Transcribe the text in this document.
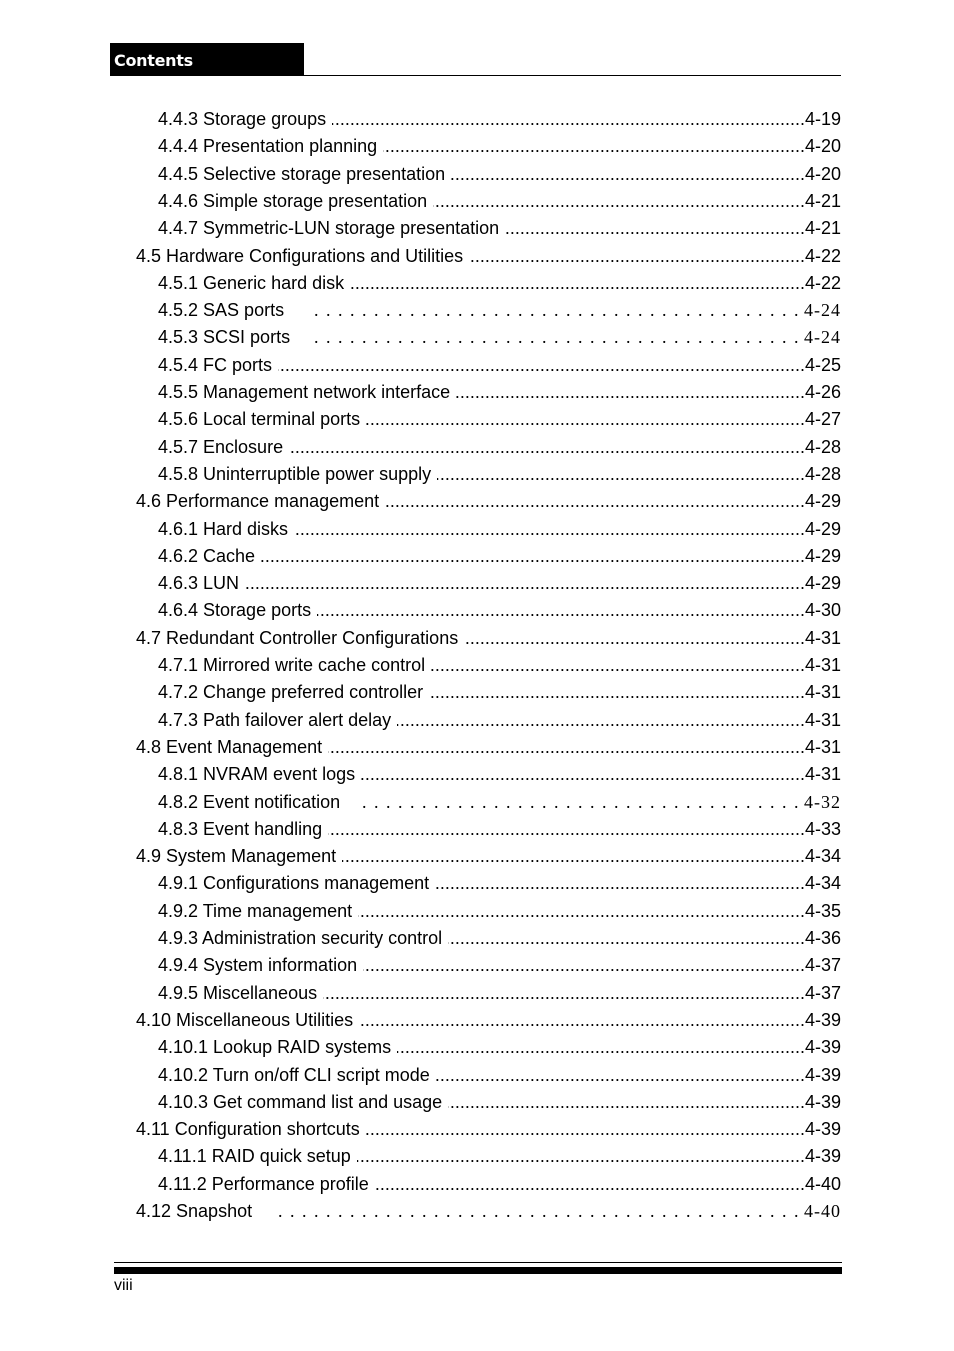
Contents
4.4.3 Storage groups .....	4-19
4.4.4 Presentation planning .....	4-20
4.4.5 Selective storage presentation .....	4-20
4.4.6 Simple storage presentation .....	4-21
4.4.7 Symmetric-LUN storage presentation .....	4-21
4.5 Hardware Configurations and Utilities .....	4-22
4.5.1 Generic hard disk .....	4-22
4.5.2 SAS ports . . .	4-24
4.5.3 SCSI ports . . .	4-24
4.5.4 FC ports .....	4-25
4.5.5 Management network interface .....	4-26
4.5.6 Local terminal ports .....	4-27
4.5.7 Enclosure .....	4-28
4.5.8 Uninterruptible power supply .....	4-28
4.6 Performance management .....	4-29
4.6.1 Hard disks .....	4-29
4.6.2 Cache .....	4-29
4.6.3 LUN .....	4-29
4.6.4 Storage ports .....	4-30
4.7 Redundant Controller Configurations .....	4-31
4.7.1 Mirrored write cache control .....	4-31
4.7.2 Change preferred controller .....	4-31
4.7.3 Path failover alert delay .....	4-31
4.8 Event Management .....	4-31
4.8.1 NVRAM event logs .....	4-31
4.8.2 Event notification . . .	4-32
4.8.3 Event handling .....	4-33
4.9 System Management .....	4-34
4.9.1 Configurations management .....	4-34
4.9.2 Time management .....	4-35
4.9.3 Administration security control .....	4-36
4.9.4 System information .....	4-37
4.9.5 Miscellaneous .....	4-37
4.10 Miscellaneous Utilities .....	4-39
4.10.1 Lookup RAID systems .....	4-39
4.10.2 Turn on/off CLI script mode .....	4-39
4.10.3 Get command list and usage .....	4-39
4.11 Configuration shortcuts .....	4-39
4.11.1 RAID quick setup .....	4-39
4.11.2 Performance profile .....	4-40
4.12 Snapshot . . .	4-40
viii
